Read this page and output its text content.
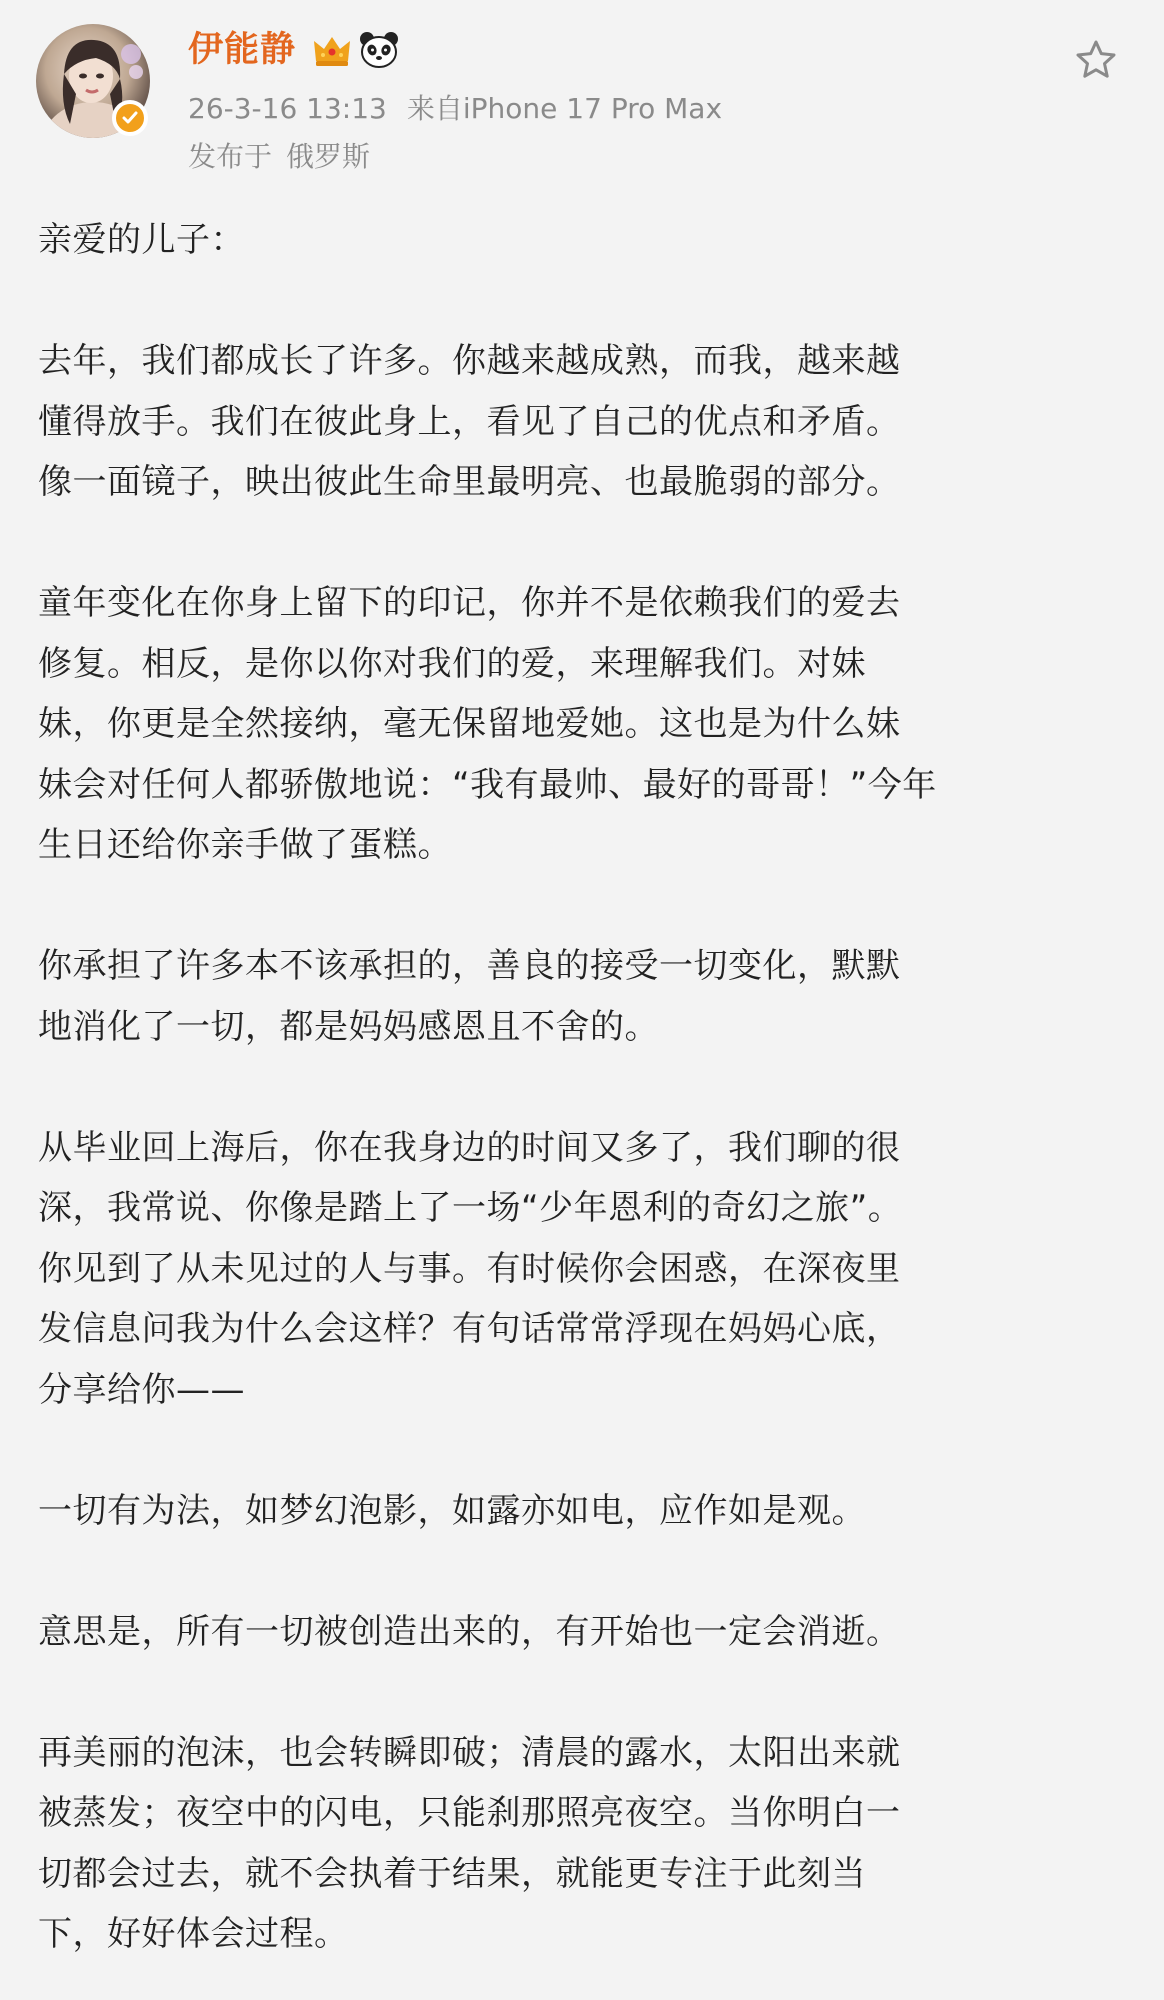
伊能静
26-3-16 13:13 来自iPhone 17 Pro Max
发布于 俄罗斯

亲爱的儿子：

去年，我们都成长了许多。你越来越成熟，而我，越来越

懂得放手。我们在彼此身上，看见了自己的优点和矛盾。

像一面镜子，映出彼此生命里最明亮、也最脆弱的部分。

童年变化在你身上留下的印记，你并不是依赖我们的爱去

修复。相反，是你以你对我们的爱，来理解我们。对妹

妹，你更是全然接纳，毫无保留地爱她。这也是为什么妹

妹会对任何人都骄傲地说：“我有最帅、最好的哥哥！”今年

生日还给你亲手做了蛋糕。

你承担了许多本不该承担的，善良的接受一切变化，默默

地消化了一切，都是妈妈感恩且不舍的。

从毕业回上海后，你在我身边的时间又多了，我们聊的很

深，我常说、你像是踏上了一场“少年恩利的奇幻之旅”。

你见到了从未见过的人与事。有时候你会困惑，在深夜里

发信息问我为什么会这样？有句话常常浮现在妈妈心底，

分享给你——

一切有为法，如梦幻泡影，如露亦如电，应作如是观。

意思是，所有一切被创造出来的，有开始也一定会消逝。

再美丽的泡沫，也会转瞬即破；清晨的露水，太阳出来就

被蒸发；夜空中的闪电，只能刹那照亮夜空。当你明白一

切都会过去，就不会执着于结果，就能更专注于此刻当

下，好好体会过程。
